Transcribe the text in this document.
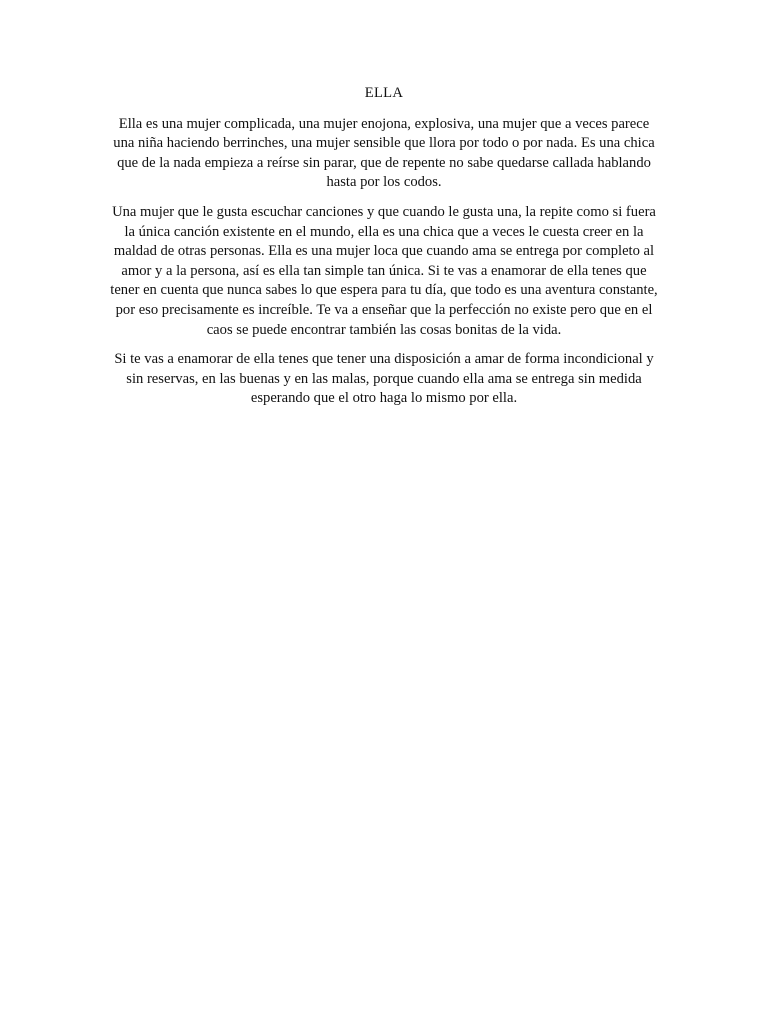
ELLA

Ella es una mujer complicada, una mujer enojona, explosiva, una mujer que a veces parece una niña haciendo berrinches, una mujer sensible que llora por todo o por nada. Es una chica que de la nada empieza a reírse sin parar, que de repente no sabe quedarse callada hablando hasta por los codos.

Una mujer que le gusta escuchar canciones y que cuando le gusta una, la repite como si fuera la única canción existente en el mundo, ella es una chica que a veces le cuesta creer en la maldad de otras personas. Ella es una mujer loca que cuando ama se entrega por completo al amor y a la persona, así es ella tan simple tan única. Si te vas a enamorar de ella tenes que tener en cuenta que nunca sabes lo que espera para tu día, que todo es una aventura constante, por eso precisamente es increíble. Te va a enseñar que la perfección no existe pero que en el caos se puede encontrar también las cosas bonitas de la vida.

Si te vas a enamorar de ella tenes que tener una disposición a amar de forma incondicional y sin reservas, en las buenas y en las malas, porque cuando ella ama se entrega sin medida esperando que el otro haga lo mismo por ella.
